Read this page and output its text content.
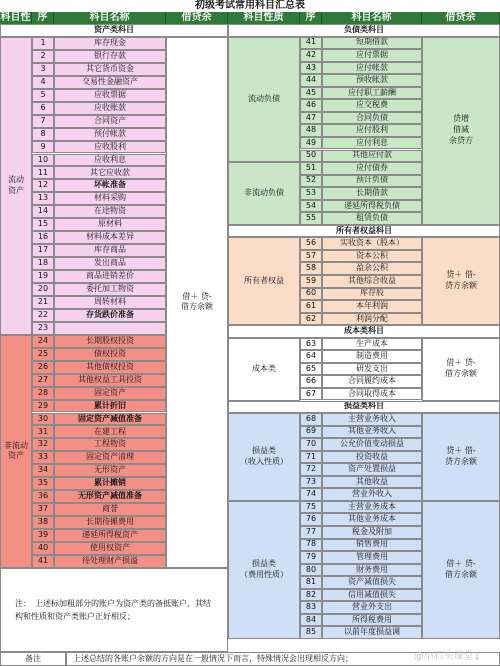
初级考试常用科目汇总表
科目性 序	科目名称	借贷余	科目性质	序	科目名称	借贷余
资产类科目
1	库存现金
2	银行存款
3	其它货币资金
4	交易性金融资产
5	应收票据
6	应收账款
7	合同资产
8	预付帐款
9	应收股利
10	应收利息
11	其它应收款
12	坏帐准备
13	材料采购
14	在途物资
15	原材料
16	材料成本差异
17	库存商品
18	发出商品
19	商品进销差价
20	委托加工物资
21	周转材料
22	存货跌价准备
23
24	长期股权投资
25	债权投资
26	其他债权投资
27	其他权益工具投资
28	固定资产
29	累计折旧
30	固定资产减值准备
31	在建工程
32	工程物资
33	固定资产清理
34	无形资产
35	累计摊销
36	无形资产减值准备
37	商誉
38	长期待摊费用
39	递延所得税资产
40	使用权资产
41	待处理财产损溢
流动
资产
非流动
资产
借＋ 贷-
借方余额
注：　上述标加粗部分的账户为资产类的备抵账户，其结构和性质和资产类账户正好相反；
负债类科目
41	短期借款
42	应付票据
43	应付帐款
44	预收帐款
45	应付职工薪酬
46	应交税费
47	合同负债
48	应付股利
49	应付利息
50	其他应付款
流动负债
51	应付债券
52	预计负债
53	长期借款
54	递延所得税负债
55	租赁负债
非流动负债
贷增
借减
余贷方
所有者权益科目
56	实收资本（股本）
57	资本公积
58	盈余公积
59	其他综合收益
60	库存股
61	本年利润
62	利润分配
所有者权益
贷＋ 借-
贷方余额
成本类科目
63	生产成本
64	制造费用
65	研发支出
66	合同履约成本
67	合同取得成本
成本类
借＋ 贷-
借方余额
损益类科目
68	主营业务收入
69	其他业务收入
70	公允价值变动损益
71	投资收益
72	资产处置损益
73	其他收益
74	营业外收入
损益类
（收入性质）
贷＋ 借-
贷方余额
75	主营业务成本
76	其他业务成本
77	税金及附加
78	销售费用
79	管理费用
80	财务费用
81	资产减值损失
82	信用减值损失
83	营业外支出
84	所得税费用
85	以前年度损益调
损益类
（费用性质）
借＋ 贷-
借方余额
备注	上述总结的各账户余额的方向是在一般情况下而言，特殊情况会出现相反方向；	@小石头课堂1
